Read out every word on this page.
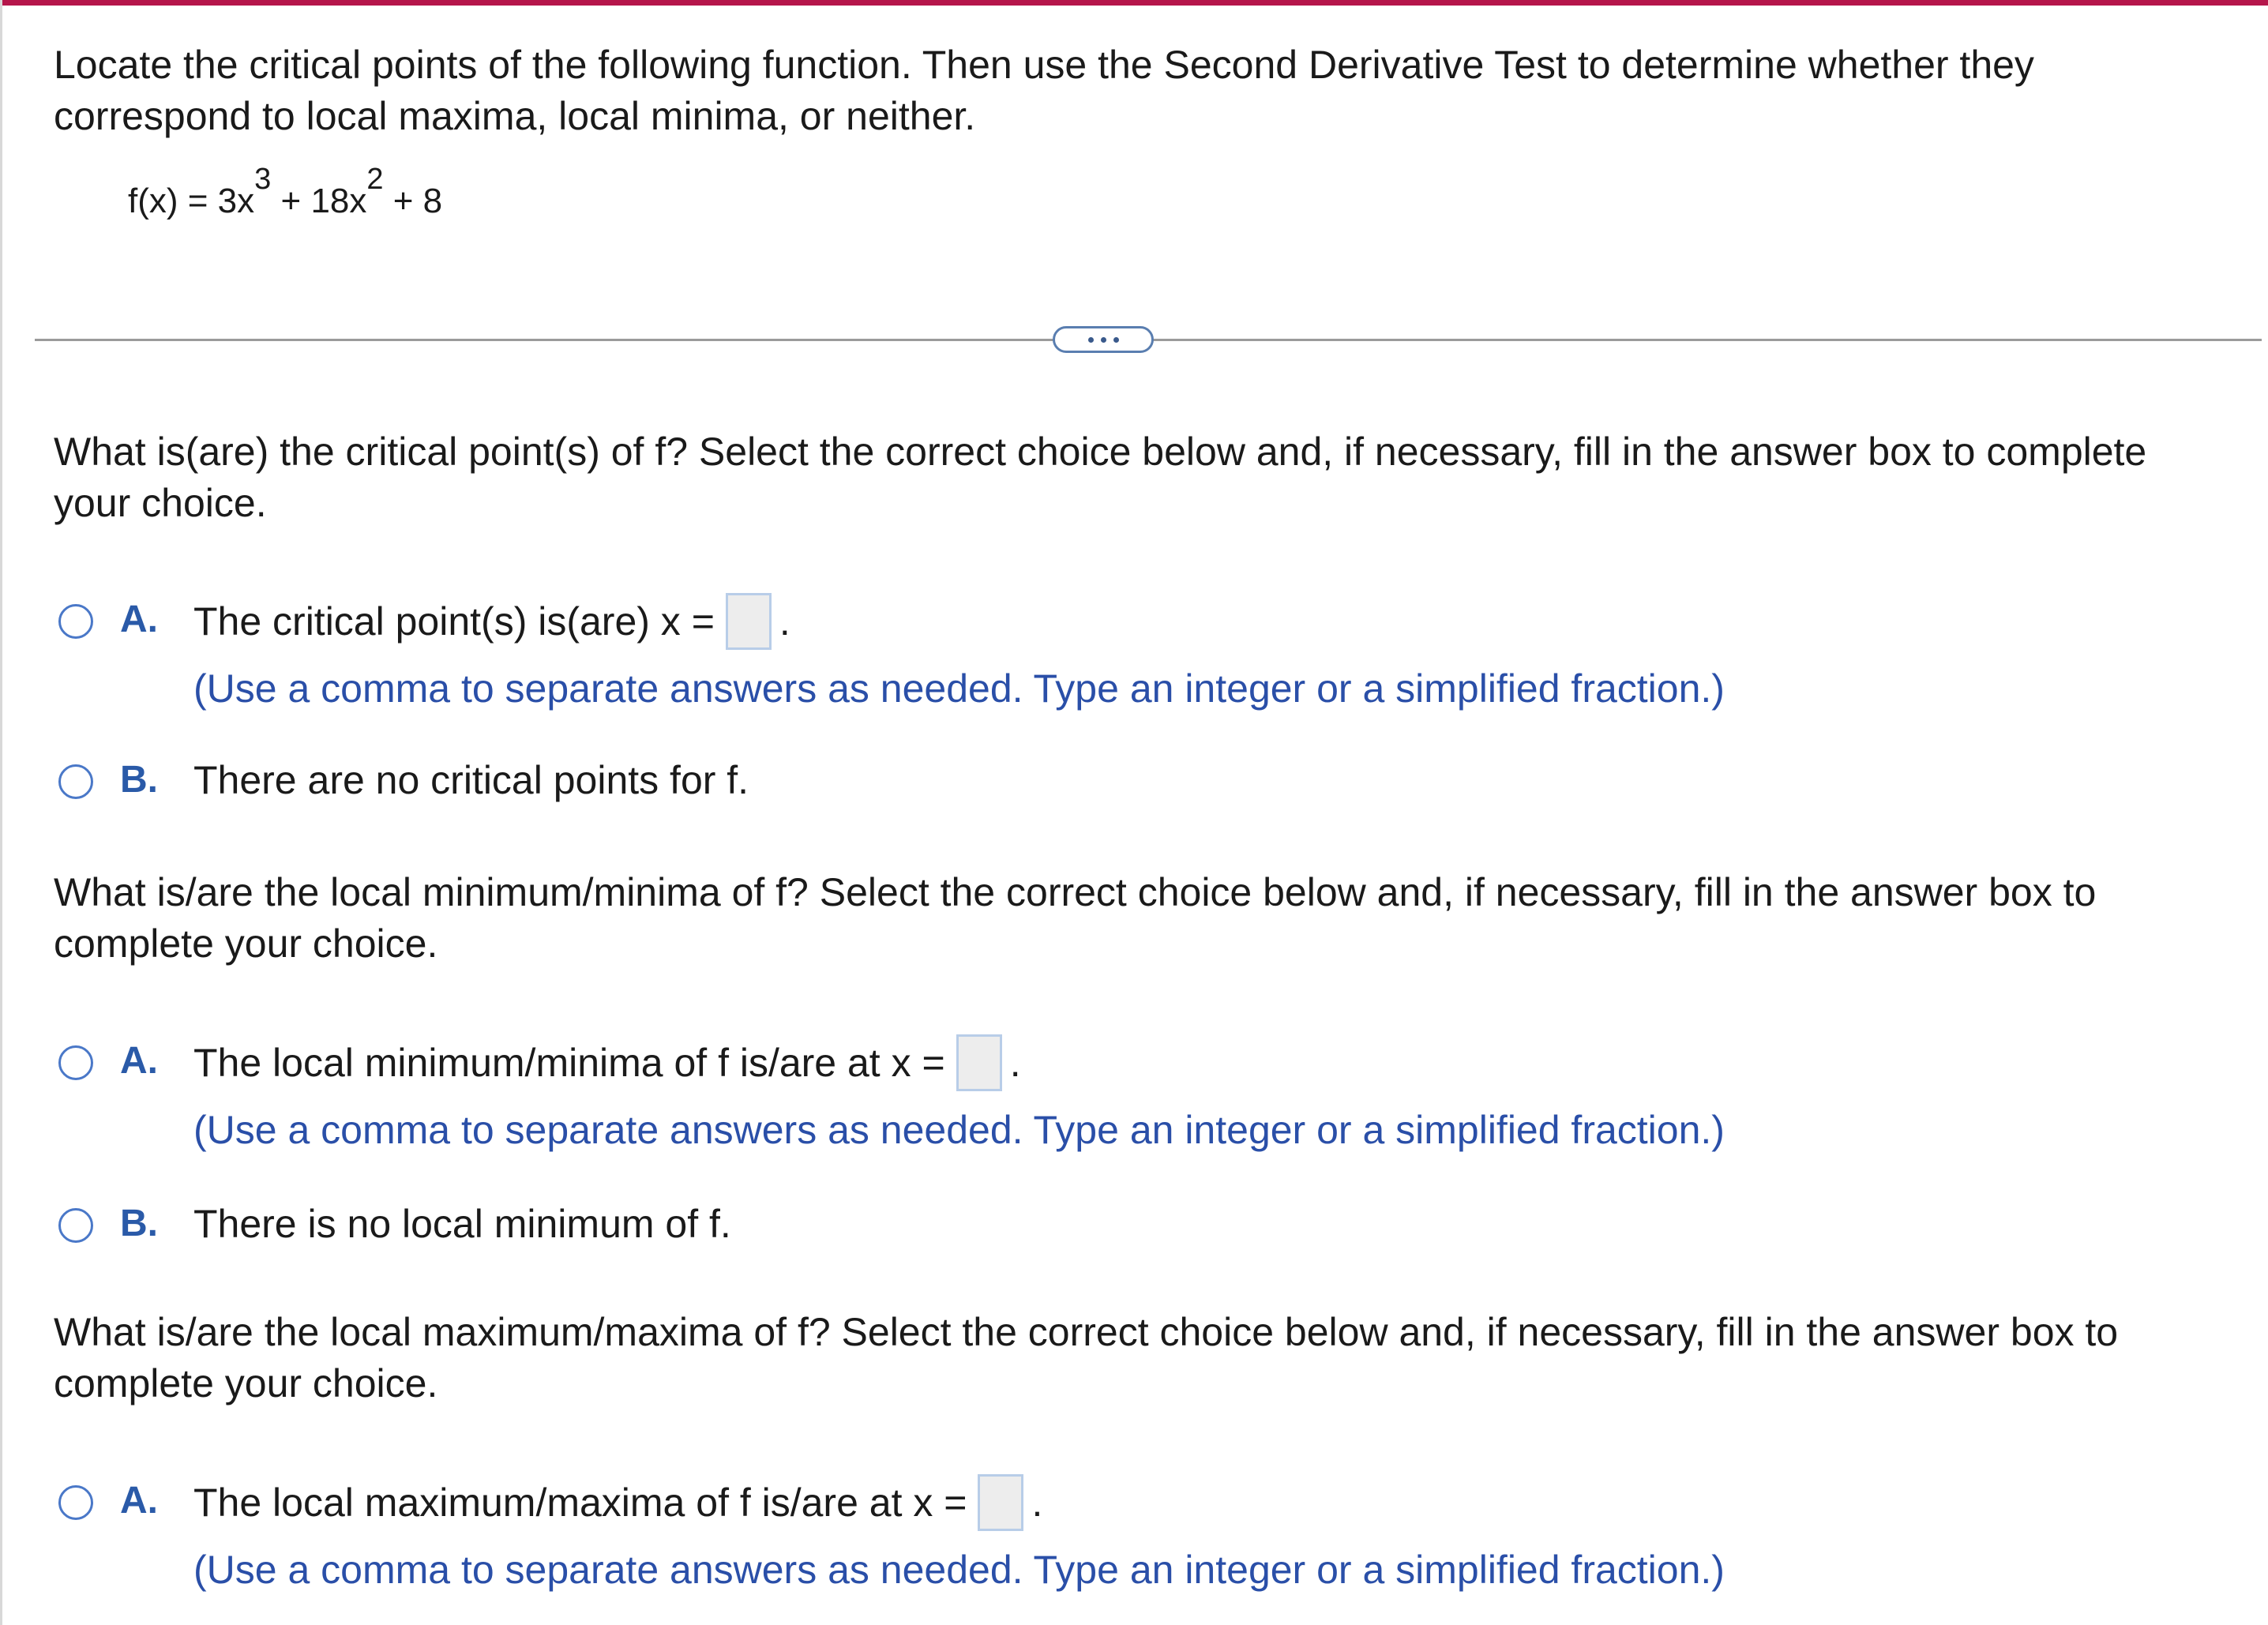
Locate the critical points of the following function. Then use the Second Derivative Test to determine whether they
correspond to local maxima, local minima, or neither.

$f(x) = 3x^3 + 18x^2 + 8$

What is(are) the critical point(s) of f? Select the correct choice below and, if necessary, fill in the answer box to complete
your choice.

A. The critical point(s) is(are) x = .
(Use a comma to separate answers as needed. Type an integer or a simplified fraction.)
B. There are no critical points for f.

What is/are the local minimum/minima of f? Select the correct choice below and, if necessary, fill in the answer box to
complete your choice.

A. The local minimum/minima of f is/are at x = .
(Use a comma to separate answers as needed. Type an integer or a simplified fraction.)
B. There is no local minimum of f.

What is/are the local maximum/maxima of f? Select the correct choice below and, if necessary, fill in the answer box to
complete your choice.

A. The local maximum/maxima of f is/are at x = .
(Use a comma to separate answers as needed. Type an integer or a simplified fraction.)
